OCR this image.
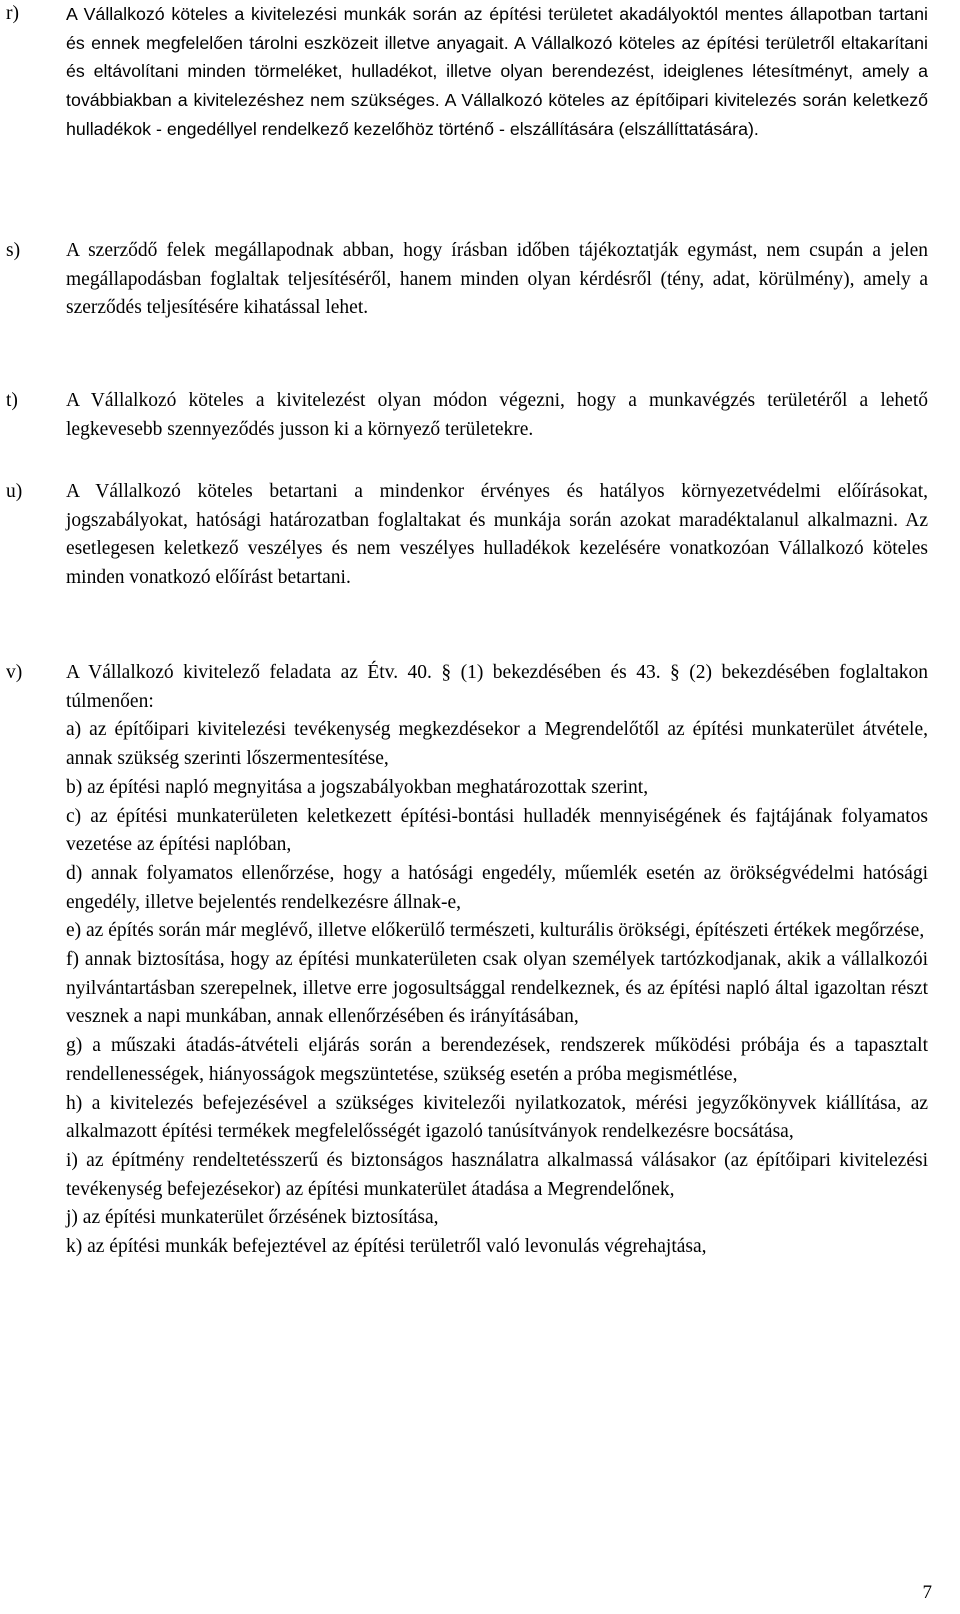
r)	A Vállalkozó köteles a kivitelezési munkák során az építési területet akadályoktól mentes állapotban tartani és ennek megfelelően tárolni eszközeit illetve anyagait. A Vállalkozó köteles az építési területről eltakarítani és eltávolítani minden törmeléket, hulladékot, illetve olyan berendezést, ideiglenes létesítményt, amely a továbbiakban a kivitelezéshez nem szükséges. A Vállalkozó köteles az építőipari kivitelezés során keletkező hulladékok - engedéllyel rendelkező kezelőhöz történő - elszállítására (elszállíttatására).
s) A szerződő felek megállapodnak abban, hogy írásban időben tájékoztatják egymást, nem csupán a jelen megállapodásban foglaltak teljesítéséről, hanem minden olyan kérdésről (tény, adat, körülmény), amely a szerződés teljesítésére kihatással lehet.
t) A Vállalkozó köteles a kivitelezést olyan módon végezni, hogy a munkavégzés területéről a lehető legkevesebb szennyeződés jusson ki a környező területekre.
u) A Vállalkozó köteles betartani a mindenkor érvényes és hatályos környezetvédelmi előírásokat, jogszabályokat, hatósági határozatban foglaltakat és munkája során azokat maradéktalanul alkalmazni. Az esetlegesen keletkező veszélyes és nem veszélyes hulladékok kezelésére vonatkozóan Vállalkozó köteles minden vonatkozó előírást betartani.
v) A Vállalkozó kivitelező feladata az Étv. 40. § (1) bekezdésében és 43. § (2) bekezdésében foglaltakon túlmenően:
a) az építőipari kivitelezési tevékenység megkezdésekor a Megrendelőtől az építési munkaterület átvétele, annak szükség szerinti lőszermentesítése,
b) az építési napló megnyitása a jogszabályokban meghatározottak szerint,
c) az építési munkaterületen keletkezett építési-bontási hulladék mennyiségének és fajtájának folyamatos vezetése az építési naplóban,
d) annak folyamatos ellenőrzése, hogy a hatósági engedély, műemlék esetén az örökségvédelmi hatósági engedély, illetve bejelentés rendelkezésre állnak-e,
e) az építés során már meglévő, illetve előkerülő természeti, kulturális örökségi, építészeti értékek megőrzése,
f) annak biztosítása, hogy az építési munkaterületen csak olyan személyek tartózkodjanak, akik a vállalkozói nyilvántartásban szerepelnek, illetve erre jogosultsággal rendelkeznek, és az építési napló által igazoltan részt vesznek a napi munkában, annak ellenőrzésében és irányításában,
g) a műszaki átadás-átvételi eljárás során a berendezések, rendszerek működési próbája és a tapasztalt rendellenességek, hiányosságok megszüntetése, szükség esetén a próba megismétlése,
h) a kivitelezés befejezésével a szükséges kivitelezői nyilatkozatok, mérési jegyzőkönyvek kiállítása, az alkalmazott építési termékek megfelelősségét igazoló tanúsítványok rendelkezésre bocsátása,
i) az építmény rendeltetésszerű és biztonságos használatra alkalmassá válásakor (az építőipari kivitelezési tevékenység befejezésekor) az építési munkaterület átadása a Megrendelőnek,
j) az építési munkaterület őrzésének biztosítása,
k) az építési munkák befejeztével az építési területről való levonulás végrehajtása,
7
